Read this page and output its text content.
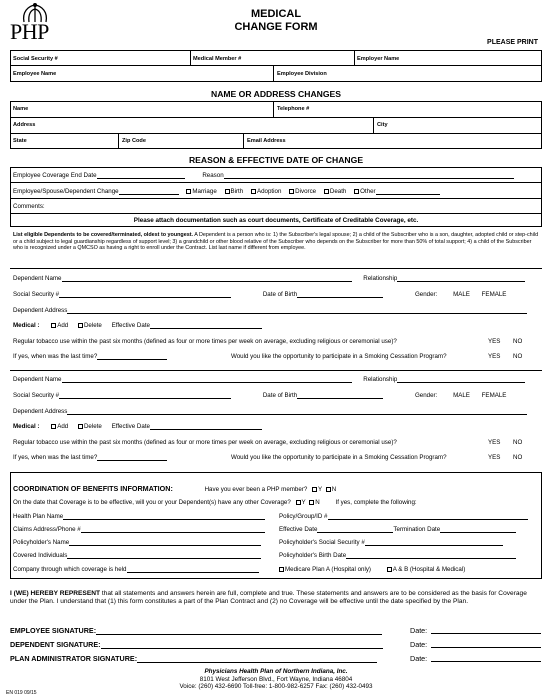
PHP
MEDICAL
CHANGE FORM
PLEASE PRINT
Social Security #	Medical Member #	Employer Name
Employee Name	Employee Division
NAME OR ADDRESS CHANGES
Name	Telephone #
Address	City
State	Zip Code	Email Address
REASON & EFFECTIVE DATE OF CHANGE
Employee Coverage End Date	Reason
Employee/Spouse/Dependent Change	Marriage Birth Adoption Divorce Death Other
Comments:
Please attach documentation such as court documents, Certificate of Creditable Coverage, etc.
List eligible Dependents to be covered/terminated, oldest to youngest. A Dependent is a person who is: 1) the Subscriber's legal spouse; 2) a child of the Subscriber who is a son, daughter, adopted child or step-child or a child subject to legal guardianship regardless of support level; 3) a grandchild or other blood relative of the Subscriber who depends on the Subscriber for more than 50% of total support; 4) a child of the Subscriber who is recognized under a QMCSO as having a right to enroll under the Contract. List last name if different from employee.
Dependent Name	Relationship
Social Security #	Date of Birth	Gender:	MALE FEMALE
Dependent Address
Medical :	Add	Delete Effective Date
Regular tobacco use within the past six months (defined as four or more times per week on average, excluding religious or ceremonial use)?	YES NO
If yes, when was the last time?	Would you like the opportunity to participate in a Smoking Cessation Program?	YES NO
Dependent Name	Relationship
Social Security #	Date of Birth	Gender:	MALE FEMALE
Dependent Address
Medical :	Add	Delete Effective Date
Regular tobacco use within the past six months (defined as four or more times per week on average, excluding religious or ceremonial use)?	YES NO
If yes, when was the last time?	Would you like the opportunity to participate in a Smoking Cessation Program?	YES NO
COORDINATION OF BENEFITS INFORMATION:	Have you ever been a PHP member? Y N
On the date that Coverage is to be effective, will you or your Dependent(s) have any other Coverage? Y N	If yes, complete the following:
Health Plan Name	Policy/Group/ID #
Claims Address/Phone #	Effective Date	Termination Date
Policyholder's Name	Policyholder's Social Security #
Covered Individuals	Policyholder's Birth Date
Company through which coverage is held	Medicare Plan A (Hospital only)	A & B (Hospital & Medical)
I (WE) HEREBY REPRESENT that all statements and answers herein are full, complete and true. These statements and answers are to be considered as the basis for Coverage under the Plan. I understand that (1) this form constitutes a part of the Plan Contract and (2) no Coverage will be effective until the date specified by the Plan.
EMPLOYEE SIGNATURE:	Date:
DEPENDENT SIGNATURE:	Date:
PLAN ADMINISTRATOR SIGNATURE:	Date:
Physicians Health Plan of Northern Indiana, Inc.
8101 West Jefferson Blvd., Fort Wayne, Indiana 46804
Voice: (260) 432-6690 Toll-free: 1-800-982-6257 Fax: (260) 432-0493
EN 019 09/15
